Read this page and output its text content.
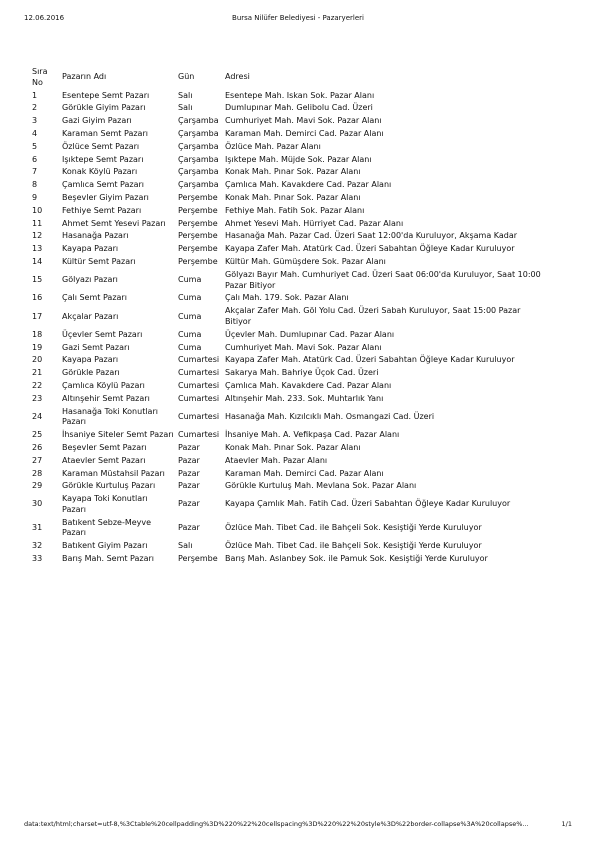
12.06.2016	Bursa Nilüfer Belediyesi - Pazaryerleri
Sıra No	Pazarın Adı	Gün	Adresi
1	Esentepe Semt Pazarı	Salı	Esentepe Mah. Iskan Sok. Pazar Alanı
2	Görükle Giyim Pazarı	Salı	Dumlupınar Mah. Gelibolu Cad. Üzeri
3	Gazi Giyim Pazarı	Çarşamba	Cumhuriyet Mah. Mavi Sok. Pazar Alanı
4	Karaman Semt Pazarı	Çarşamba	Karaman Mah. Demirci Cad. Pazar Alanı
5	Özlüce Semt Pazarı	Çarşamba	Özlüce Mah. Pazar Alanı
6	Işıktepe Semt Pazarı	Çarşamba	Işıktepe Mah. Müjde Sok. Pazar Alanı
7	Konak Köylü Pazarı	Çarşamba	Konak Mah. Pınar Sok. Pazar Alanı
8	Çamlıca Semt Pazarı	Çarşamba	Çamlıca Mah. Kavakdere Cad. Pazar Alanı
9	Beşevler Giyim Pazarı	Perşembe	Konak Mah. Pınar Sok. Pazar Alanı
10	Fethiye Semt Pazarı	Perşembe	Fethiye Mah. Fatih Sok. Pazar Alanı
11	Ahmet Semt Yesevi Pazarı	Perşembe	Ahmet Yesevi Mah. Hürriyet Cad. Pazar Alanı
12	Hasanağa Pazarı	Perşembe	Hasanağa Mah. Pazar Cad. Üzeri Saat 12:00'da Kuruluyor, Akşama Kadar
13	Kayapa Pazarı	Perşembe	Kayapa Zafer Mah. Atatürk Cad. Üzeri Sabahtan Öğleye Kadar Kuruluyor
14	Kültür Semt Pazarı	Perşembe	Kültür Mah. Gümüşdere Sok. Pazar Alanı
15	Gölyazı Pazarı	Cuma	Gölyazı Bayır Mah. Cumhuriyet Cad. Üzeri Saat 06:00'da Kuruluyor, Saat 10:00 Pazar Bitiyor
16	Çalı Semt Pazarı	Cuma	Çalı Mah. 179. Sok. Pazar Alanı
17	Akçalar Pazarı	Cuma	Akçalar Zafer Mah. Göl Yolu Cad. Üzeri Sabah Kuruluyor, Saat 15:00 Pazar Bitiyor
18	Üçevler Semt Pazarı	Cuma	Üçevler Mah. Dumlupınar Cad. Pazar Alanı
19	Gazi Semt Pazarı	Cuma	Cumhuriyet Mah. Mavi Sok. Pazar Alanı
20	Kayapa Pazarı	Cumartesi	Kayapa Zafer Mah. Atatürk Cad. Üzeri Sabahtan Öğleye Kadar Kuruluyor
21	Görükle Pazarı	Cumartesi	Sakarya Mah. Bahriye Üçok Cad. Üzeri
22	Çamlıca Köylü Pazarı	Cumartesi	Çamlıca Mah. Kavakdere Cad. Pazar Alanı
23	Altınşehir Semt Pazarı	Cumartesi	Altınşehir Mah. 233. Sok. Muhtarlık Yanı
24	Hasanağa Toki Konutları Pazarı	Cumartesi	Hasanağa Mah. Kızılcıklı Mah. Osmangazi Cad. Üzeri
25	İhsaniye Siteler Semt Pazarı	Cumartesi	İhsaniye Mah. A. Vefikpaşa Cad. Pazar Alanı
26	Beşevler Semt Pazarı	Pazar	Konak Mah. Pınar Sok. Pazar Alanı
27	Ataevler Semt Pazarı	Pazar	Ataevler Mah. Pazar Alanı
28	Karaman Müstahsil Pazarı	Pazar	Karaman Mah. Demirci Cad. Pazar Alanı
29	Görükle Kurtuluş Pazarı	Pazar	Görükle Kurtuluş Mah. Mevlana Sok. Pazar Alanı
30	Kayapa Toki Konutları Pazarı	Pazar	Kayapa Çamlık Mah. Fatih Cad. Üzeri Sabahtan Öğleye Kadar Kuruluyor
31	Batıkent Sebze-Meyve Pazarı	Pazar	Özlüce Mah. Tibet Cad. ile Bahçeli Sok. Kesiştiği Yerde Kuruluyor
32	Batıkent Giyim Pazarı	Salı	Özlüce Mah. Tibet Cad. ile Bahçeli Sok. Kesiştiği Yerde Kuruluyor
33	Barış Mah. Semt Pazarı	Perşembe	Barış Mah. Aslanbey Sok. ile Pamuk Sok. Kesiştiği Yerde Kuruluyor
data:text/html;charset=utf-8,%3Ctable%20cellpadding%3D%220%22%20cellspacing%3D%220%22%20style%3D%22border-collapse%3A%20collapse%...	1/1
